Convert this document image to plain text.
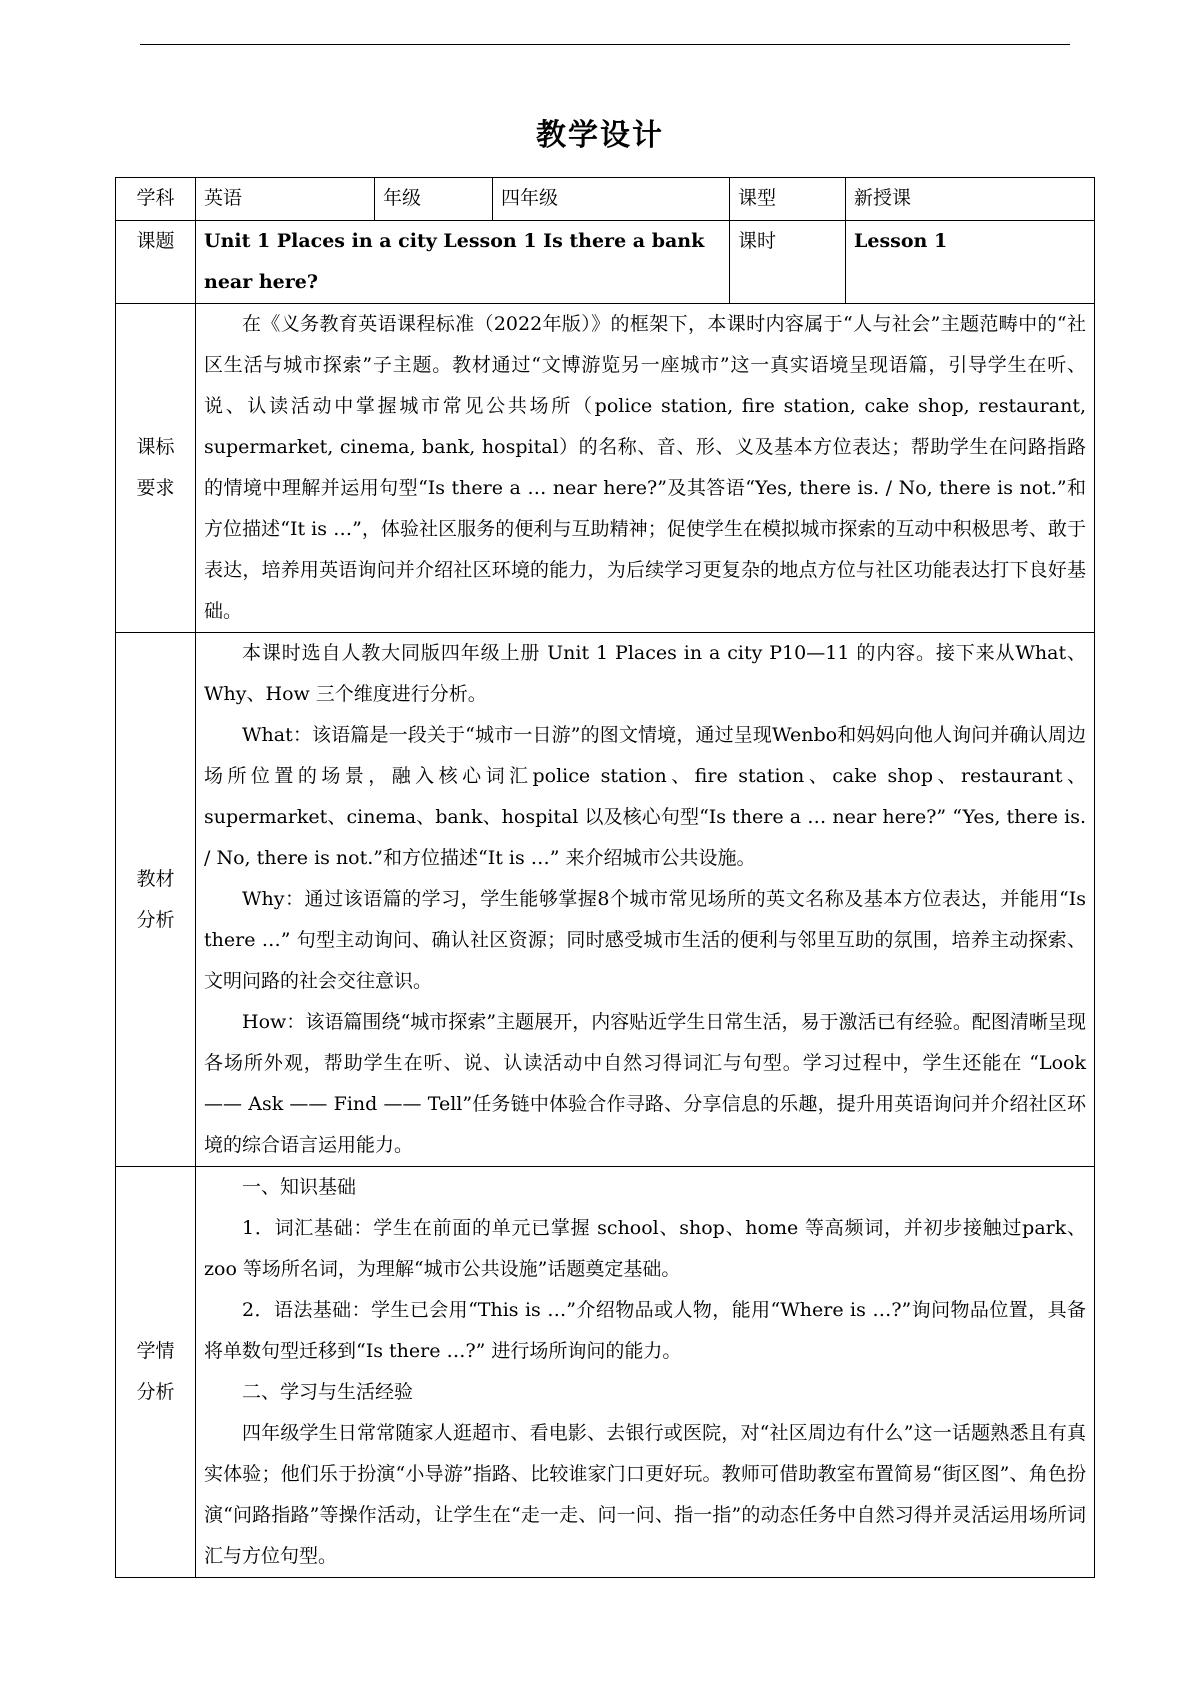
教学设计
学科	英语	年级	四年级	课型	新授课
课题	Unit 1 Places in a city Lesson 1 Is there a bank near here?			课时	Lesson 1
课标要求	在《义务教育英语课程标准（2022年版）》的框架下，本课时内容属于“人与社会”主题范畴中的“社区生活与城市探索”子主题。教材通过“文博游览另一座城市”这一真实语境呈现语篇，引导学生在听、说、认读活动中掌握城市常见公共场所（police station, fire station, cake shop, restaurant, supermarket, cinema, bank, hospital）的名称、音、形、义及基本方位表达；帮助学生在问路指路的情境中理解并运用句型“Is there a … near here?”及其答语“Yes, there is. / No, there is not.”和方位描述“It is …”，体验社区服务的便利与互助精神；促使学生在模拟城市探索的互动中积极思考、敢于表达，培养用英语询问并介绍社区环境的能力，为后续学习更复杂的地点方位与社区功能表达打下良好基础。				

教材分析	本课时选自人教大同版四年级上册 Unit 1 Places in a city P10—11 的内容。接下来从What、Why、How 三个维度进行分析。

What：该语篇是一段关于“城市一日游”的图文情境，通过呈现Wenbo和妈妈向他人询问并确认周边场所位置的场景，融入核心词汇police station、fire station、cake shop、restaurant、supermarket、cinema、bank、hospital 以及核心句型“Is there a … near here?” “Yes, there is. / No, there is not.”和方位描述“It is …” 来介绍城市公共设施。

Why：通过该语篇的学习，学生能够掌握8个城市常见场所的英文名称及基本方位表达，并能用“Is there …” 句型主动询问、确认社区资源；同时感受城市生活的便利与邻里互助的氛围，培养主动探索、文明问路的社会交往意识。

How：该语篇围绕“城市探索”主题展开，内容贴近学生日常生活，易于激活已有经验。配图清晰呈现各场所外观，帮助学生在听、说、认读活动中自然习得词汇与句型。学习过程中，学生还能在 “Look —— Ask —— Find —— Tell”任务链中体验合作寻路、分享信息的乐趣，提升用英语询问并介绍社区环境的综合语言运用能力。				

学情分析	一、知识基础

1．词汇基础：学生在前面的单元已掌握 school、shop、home 等高频词，并初步接触过park、zoo 等场所名词，为理解“城市公共设施”话题奠定基础。

2．语法基础：学生已会用“This is …”介绍物品或人物，能用“Where is …?”询问物品位置，具备将单数句型迁移到“Is there …?” 进行场所询问的能力。

二、学习与生活经验

四年级学生日常常随家人逛超市、看电影、去银行或医院，对“社区周边有什么”这一话题熟悉且有真实体验；他们乐于扮演“小导游”指路、比较谁家门口更好玩。教师可借助教室布置简易“街区图”、角色扮演“问路指路”等操作活动，让学生在“走一走、问一问、指一指”的动态任务中自然习得并灵活运用场所词汇与方位句型。				
